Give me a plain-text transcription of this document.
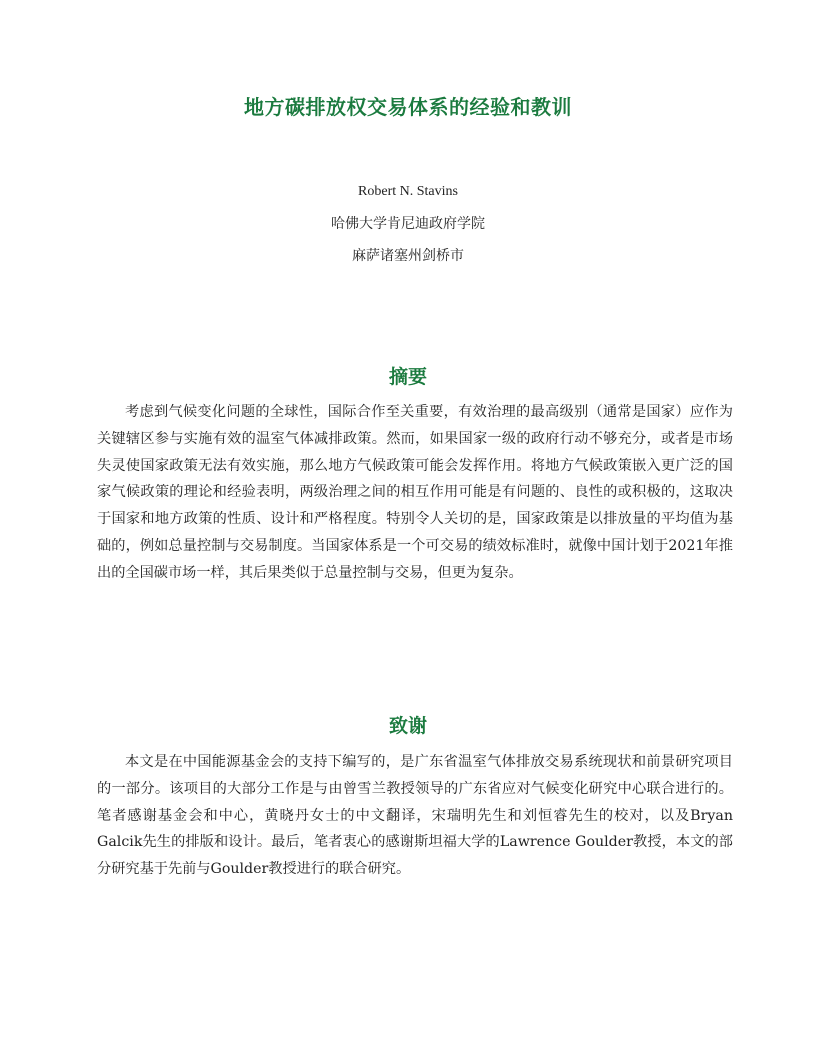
地方碳排放权交易体系的经验和教训
Robert N. Stavins
哈佛大学肯尼迪政府学院
麻萨诸塞州剑桥市
摘要
考虑到气候变化问题的全球性，国际合作至关重要，有效治理的最高级别（通常是国家）应作为关键辖区参与实施有效的温室气体减排政策。然而，如果国家一级的政府行动不够充分，或者是市场失灵使国家政策无法有效实施，那么地方气候政策可能会发挥作用。将地方气候政策嵌入更广泛的国家气候政策的理论和经验表明，两级治理之间的相互作用可能是有问题的、良性的或积极的，这取决于国家和地方政策的性质、设计和严格程度。特别令人关切的是，国家政策是以排放量的平均值为基础的，例如总量控制与交易制度。当国家体系是一个可交易的绩效标准时，就像中国计划于2021年推出的全国碳市场一样，其后果类似于总量控制与交易，但更为复杂。
致谢
本文是在中国能源基金会的支持下编写的，是广东省温室气体排放交易系统现状和前景研究项目的一部分。该项目的大部分工作是与由曾雪兰教授领导的广东省应对气候变化研究中心联合进行的。笔者感谢基金会和中心，黄晓丹女士的中文翻译，宋瑞明先生和刘恒睿先生的校对，以及Bryan Galcik先生的排版和设计。最后，笔者衷心的感谢斯坦福大学的Lawrence Goulder教授，本文的部分研究基于先前与Goulder教授进行的联合研究。
